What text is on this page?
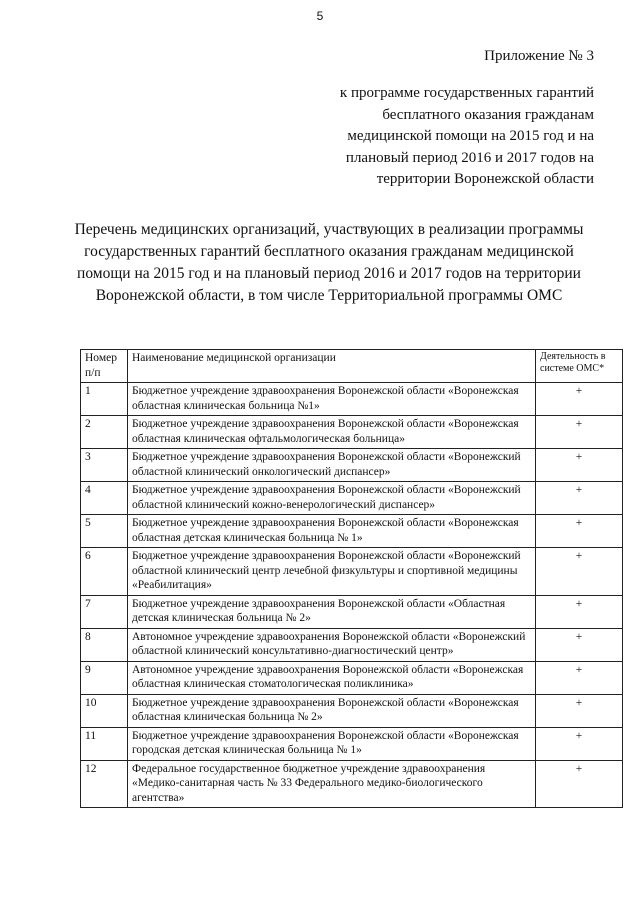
5
Приложение № 3
к программе государственных гарантий
бесплатного оказания гражданам
медицинской помощи на 2015 год и на
плановый период 2016 и 2017 годов на
территории Воронежской области
Перечень медицинских организаций, участвующих в реализации программы
государственных гарантий бесплатного оказания гражданам медицинской
помощи на 2015 год и на плановый период 2016 и 2017 годов на территории
Воронежской области, в том числе Территориальной программы ОМС
Номер п/п	Наименование медицинской организации	Деятельность в системе ОМС*
1	Бюджетное учреждение здравоохранения Воронежской области «Воронежская областная клиническая больница №1»	+
2	Бюджетное учреждение здравоохранения Воронежской области «Воронежская областная клиническая офтальмологическая больница»	+
3	Бюджетное учреждение здравоохранения Воронежской области «Воронежский областной клинический онкологический диспансер»	+
4	Бюджетное учреждение здравоохранения Воронежской области «Воронежский областной клинический кожно-венерологический диспансер»	+
5	Бюджетное учреждение здравоохранения Воронежской области «Воронежская областная детская клиническая больница № 1»	+
6	Бюджетное учреждение здравоохранения Воронежской области «Воронежский областной клинический центр лечебной физкультуры и спортивной медицины «Реабилитация»	+
7	Бюджетное учреждение здравоохранения Воронежской области «Областная детская клиническая больница № 2»	+
8	Автономное учреждение здравоохранения Воронежской области «Воронежский областной клинический консультативно-диагностический центр»	+
9	Автономное учреждение здравоохранения Воронежской области «Воронежская областная клиническая стоматологическая поликлиника»	+
10	Бюджетное учреждение здравоохранения Воронежской области «Воронежская областная клиническая больница № 2»	+
11	Бюджетное учреждение здравоохранения Воронежской области «Воронежская городская детская клиническая больница № 1»	+
12	Федеральное государственное бюджетное учреждение здравоохранения «Медико-санитарная часть № 33 Федерального медико-биологического агентства»	+
